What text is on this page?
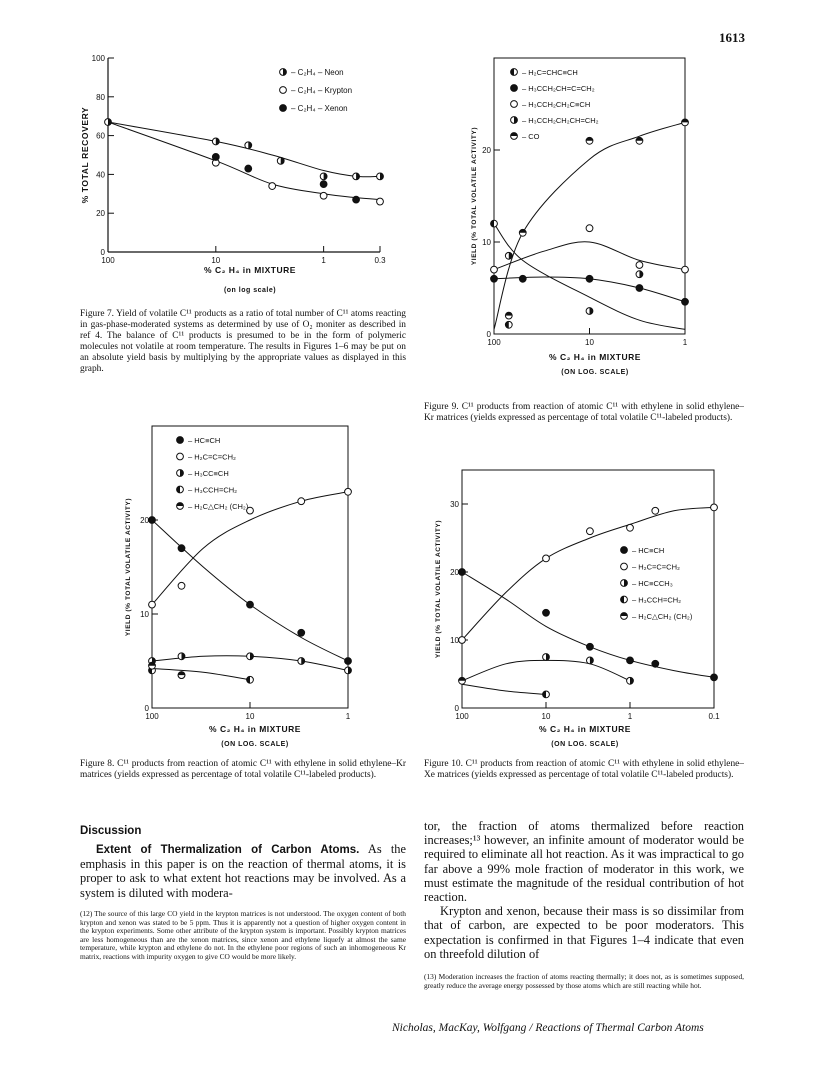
1613
0
20
40
60
80
100
100	10	1	0.3
% TOTAL RECOVERY
– C₂H₄ – Neon
– C₂H₄ – Krypton
– C₂H₄ – Xenon
% C₂ H₄ in MIXTURE
(on log scale)
Figure 7. Yield of volatile C¹¹ products as a ratio of total number of C¹¹ atoms reacting in gas-phase-moderated systems as determined by use of O₂ moniter as described in ref 4. The balance of C¹¹ products is presumed to be in the form of polymeric molecules not volatile at room temperature. The results in Figures 1–6 may be put on an absolute yield basis by multiplying by the appropriate values as displayed in this graph.
0
10
20
100	10	1
YIELD (% TOTAL VOLATILE ACTIVITY)
– H₂C=CHC≡CH
– H₃CCH₂CH=C=CH₂
– H₃CCH₂CH₂C≡CH
– H₃CCH₂CH₂CH=CH₂
– CO
% C₂ H₄ in MIXTURE
(ON LOG. SCALE)
Figure 9. C¹¹ products from reaction of atomic C¹¹ with ethylene in solid ethylene–Kr matrices (yields expressed as percentage of total volatile C¹¹-labeled products).
0
10
20
100	10	1
YIELD (% TOTAL VOLATILE ACTIVITY)
– HC≡CH
– H₂C=C=CH₂
– H₃CC≡CH
– H₃CCH=CH₂
– H₂C△CH₂ (CH₂)
% C₂ H₄ in MIXTURE
(ON LOG. SCALE)
Figure 8. C¹¹ products from reaction of atomic C¹¹ with ethylene in solid ethylene–Kr matrices (yields expressed as percentage of total volatile C¹¹-labeled products).
0
10
20
30
100	10	1	0.1
YIELD (% TOTAL VOLATILE ACTIVITY)	– HC≡CH
– H₂C=C=CH₂
– HC≡CCH₃
– H₃CCH=CH₂
– H₂C△CH₂ (CH₂)
% C₂ H₄ in MIXTURE
(ON LOG. SCALE)
Figure 10. C¹¹ products from reaction of atomic C¹¹ with ethylene in solid ethylene–Xe matrices (yields expressed as percentage of total volatile C¹¹-labeled products).
Discussion

Extent of Thermalization of Carbon Atoms. As the emphasis in this paper is on the reaction of thermal atoms, it is proper to ask to what extent hot reactions may be involved. As a system is diluted with modera-

(12) The source of this large CO yield in the krypton matrices is not understood. The oxygen content of both krypton and xenon was stated to be 5 ppm. Thus it is apparently not a question of higher oxygen content in the krypton experiments. Some other attribute of the krypton system is important. Possibly krypton matrices are less homogeneous than are the xenon matrices, since xenon and ethylene liquefy at almost the same temperature, while krypton and ethylene do not. In the ethylene poor regions of such an inhomogeneous Kr matrix, reactions with impurity oxygen to give CO would be more likely.

tor, the fraction of atoms thermalized before reaction increases;¹³ however, an infinite amount of moderator would be required to eliminate all hot reaction. As it was impractical to go far above a 99% mole fraction of moderator in this work, we must estimate the magnitude of the residual contribution of hot reaction.

Krypton and xenon, because their mass is so dissimilar from that of carbon, are expected to be poor moderators. This expectation is confirmed in that Figures 1–4 indicate that even on threefold dilution of

(13) Moderation increases the fraction of atoms reacting thermally; it does not, as is sometimes supposed, greatly reduce the average energy possessed by those atoms which are still reacting while hot.
Nicholas, MacKay, Wolfgang / Reactions of Thermal Carbon Atoms
